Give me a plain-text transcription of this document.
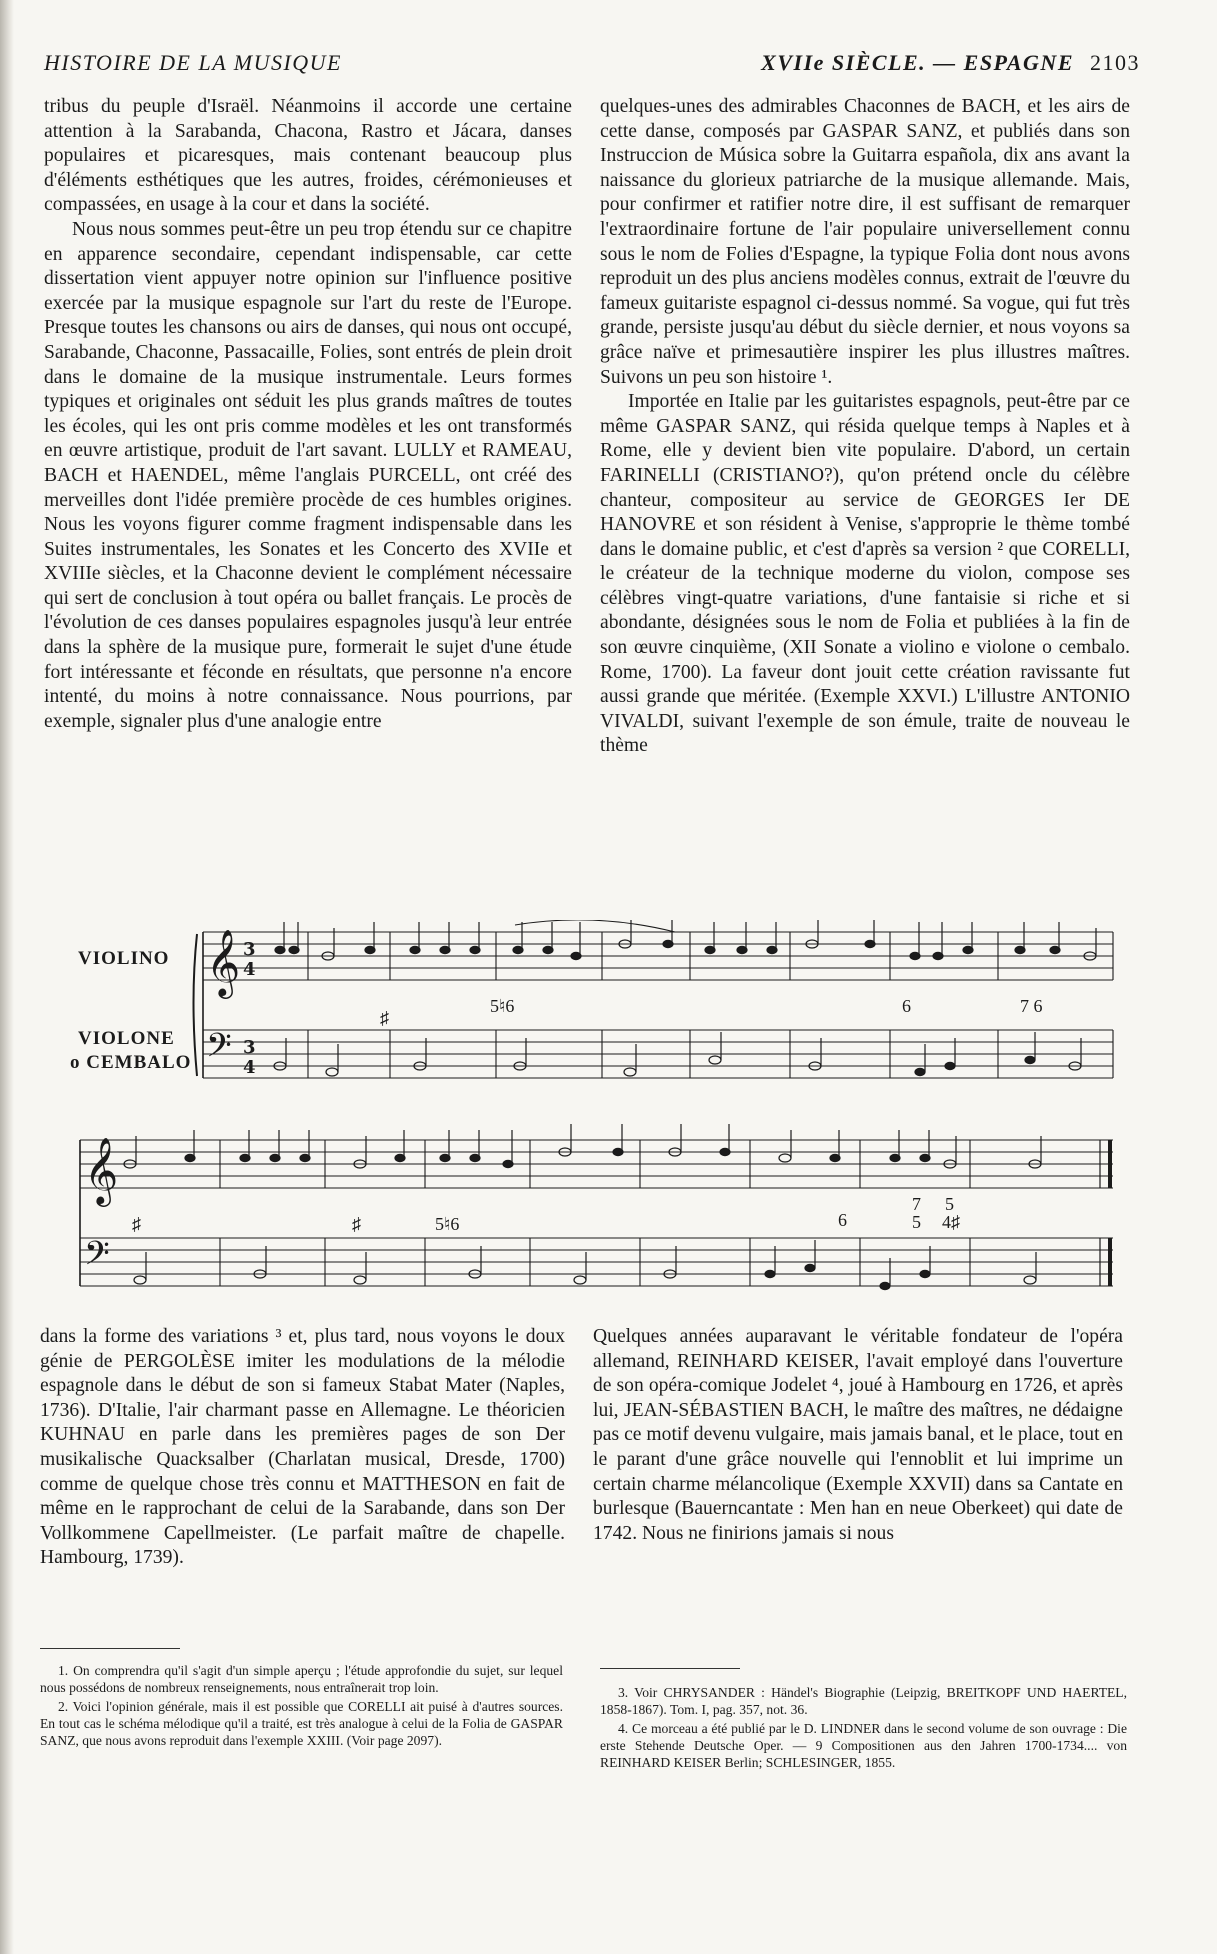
HISTOIRE DE LA MUSIQUE	XVIIe SIÈCLE. — ESPAGNE 2103

tribus du peuple d'Israël. Néanmoins il accorde une certaine attention à la Sarabanda, Chacona, Rastro et Jácara, danses populaires et picaresques, mais contenant beaucoup plus d'éléments esthétiques que les autres, froides, cérémonieuses et compassées, en usage à la cour et dans la société.

Nous nous sommes peut-être un peu trop étendu sur ce chapitre en apparence secondaire, cependant indispensable, car cette dissertation vient appuyer notre opinion sur l'influence positive exercée par la musique espagnole sur l'art du reste de l'Europe. Presque toutes les chansons ou airs de danses, qui nous ont occupé, Sarabande, Chaconne, Passacaille, Folies, sont entrés de plein droit dans le domaine de la musique instrumentale. Leurs formes typiques et originales ont séduit les plus grands maîtres de toutes les écoles, qui les ont pris comme modèles et les ont transformés en œuvre artistique, produit de l'art savant. LULLY et RAMEAU, BACH et HAENDEL, même l'anglais PURCELL, ont créé des merveilles dont l'idée première procède de ces humbles origines. Nous les voyons figurer comme fragment indispensable dans les Suites instrumentales, les Sonates et les Concerto des XVIIe et XVIIIe siècles, et la Chaconne devient le complément nécessaire qui sert de conclusion à tout opéra ou ballet français. Le procès de l'évolution de ces danses populaires espagnoles jusqu'à leur entrée dans la sphère de la musique pure, formerait le sujet d'une étude fort intéressante et féconde en résultats, que personne n'a encore intenté, du moins à notre connaissance. Nous pourrions, par exemple, signaler plus d'une analogie entre

quelques-unes des admirables Chaconnes de BACH, et les airs de cette danse, composés par GASPAR SANZ, et publiés dans son Instruccion de Música sobre la Guitarra española, dix ans avant la naissance du glorieux patriarche de la musique allemande. Mais, pour confirmer et ratifier notre dire, il est suffisant de remarquer l'extraordinaire fortune de l'air populaire universellement connu sous le nom de Folies d'Espagne, la typique Folia dont nous avons reproduit un des plus anciens modèles connus, extrait de l'œuvre du fameux guitariste espagnol ci-dessus nommé. Sa vogue, qui fut très grande, persiste jusqu'au début du siècle dernier, et nous voyons sa grâce naïve et primesautière inspirer les plus illustres maîtres. Suivons un peu son histoire ¹.

Importée en Italie par les guitaristes espagnols, peut-être par ce même GASPAR SANZ, qui résida quelque temps à Naples et à Rome, elle y devient bien vite populaire. D'abord, un certain FARINELLI (CRISTIANO?), qu'on prétend oncle du célèbre chanteur, compositeur au service de GEORGES Ier DE HANOVRE et son résident à Venise, s'approprie le thème tombé dans le domaine public, et c'est d'après sa version ² que CORELLI, le créateur de la technique moderne du violon, compose ses célèbres vingt-quatre variations, d'une fantaisie si riche et si abondante, désignées sous le nom de Folia et publiées à la fin de son œuvre cinquième, (XII Sonate a violino e violone o cembalo. Rome, 1700). La faveur dont jouit cette création ravissante fut aussi grande que méritée. (Exemple XXVI.) L'illustre ANTONIO VIVALDI, suivant l'exemple de son émule, traite de nouveau le thème

VIOLINO
VIOLONE
o CEMBALO
𝄞
𝄢
3
4
3
4
𝄞
𝄢
♯
5♮6	6	7 6
♯	♯	5♮6	6
7 5
5 4♯

dans la forme des variations ³ et, plus tard, nous voyons le doux génie de PERGOLÈSE imiter les modulations de la mélodie espagnole dans le début de son si fameux Stabat Mater (Naples, 1736). D'Italie, l'air charmant passe en Allemagne. Le théoricien KUHNAU en parle dans les premières pages de son Der musikalische Quacksalber (Charlatan musical, Dresde, 1700) comme de quelque chose très connu et MATTHESON en fait de même en le rapprochant de celui de la Sarabande, dans son Der Vollkommene Capellmeister. (Le parfait maître de chapelle. Hambourg, 1739).

Quelques années auparavant le véritable fondateur de l'opéra allemand, REINHARD KEISER, l'avait employé dans l'ouverture de son opéra-comique Jodelet ⁴, joué à Hambourg en 1726, et après lui, JEAN-SÉBASTIEN BACH, le maître des maîtres, ne dédaigne pas ce motif devenu vulgaire, mais jamais banal, et le place, tout en le parant d'une grâce nouvelle qui l'ennoblit et lui imprime un certain charme mélancolique (Exemple XXVII) dans sa Cantate en burlesque (Bauerncantate : Men han en neue Oberkeet) qui date de 1742. Nous ne finirions jamais si nous

1. On comprendra qu'il s'agit d'un simple aperçu ; l'étude approfondie du sujet, sur lequel nous possédons de nombreux renseignements, nous entraînerait trop loin.

2. Voici l'opinion générale, mais il est possible que CORELLI ait puisé à d'autres sources. En tout cas le schéma mélodique qu'il a traité, est très analogue à celui de la Folia de GASPAR SANZ, que nous avons reproduit dans l'exemple XXIII. (Voir page 2097).

3. Voir CHRYSANDER : Händel's Biographie (Leipzig, BREITKOPF UND HAERTEL, 1858-1867). Tom. I, pag. 357, not. 36.

4. Ce morceau a été publié par le D. LINDNER dans le second volume de son ouvrage : Die erste Stehende Deutsche Oper. — 9 Compositionen aus den Jahren 1700-1734.... von REINHARD KEISER Berlin; SCHLESINGER, 1855.
